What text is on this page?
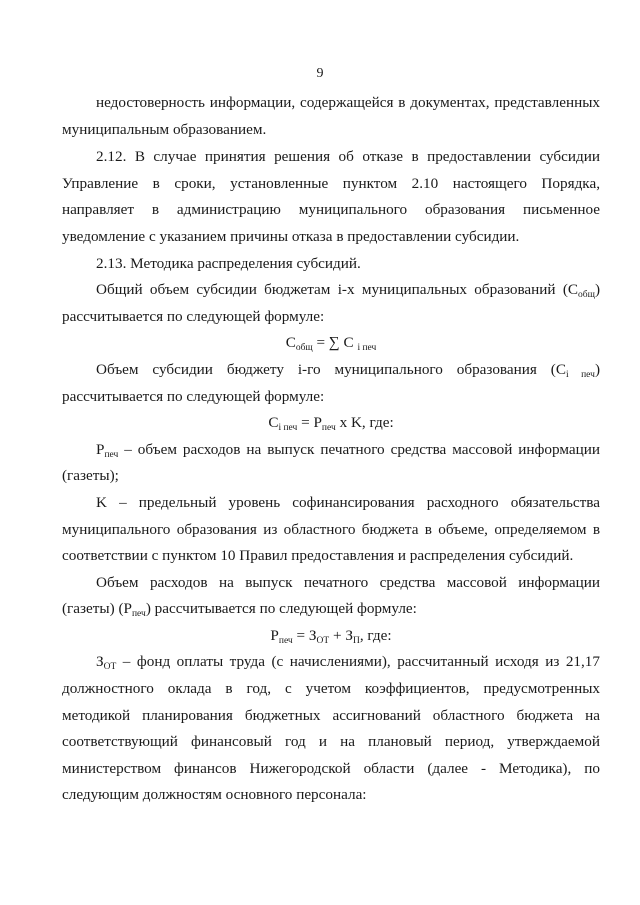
9

недостоверность информации, содержащейся в документах, представленных муниципальным образованием.

2.12. В случае принятия решения об отказе в предоставлении субсидии Управление в сроки, установленные пунктом 2.10 настоящего Порядка, направляет в администрацию муниципального образования письменное уведомление с указанием причины отказа в предоставлении субсидии.

2.13. Методика распределения субсидий.

Общий объем субсидии бюджетам i-х муниципальных образований $(C_{общ})$ рассчитывается по следующей формуле:

$C_{общ}$ = ∑ C $_{i печ}$

Объем субсидии бюджету i-го муниципального образования $(C_{i печ})$ рассчитывается по следующей формуле:

$C_{i печ} = P_{печ}$ x K, где:

$P_{печ}$ – объем расходов на выпуск печатного средства массовой информации (газеты);

K – предельный уровень софинансирования расходного обязательства муниципального образования из областного бюджета в объеме, определяемом в соответствии с пунктом 10 Правил предоставления и распределения субсидий.

Объем расходов на выпуск печатного средства массовой информации (газеты) $(P_{печ})$ рассчитывается по следующей формуле:

$P_{печ} = З_{ОТ} + З_П$, где:

$З_{ОТ}$ – фонд оплаты труда (с начислениями), рассчитанный исходя из 21,17 должностного оклада в год, с учетом коэффициентов, предусмотренных методикой планирования бюджетных ассигнований областного бюджета на соответствующий финансовый год и на плановый период, утверждаемой министерством финансов Нижегородской области (далее - Методика), по следующим должностям основного персонала:
